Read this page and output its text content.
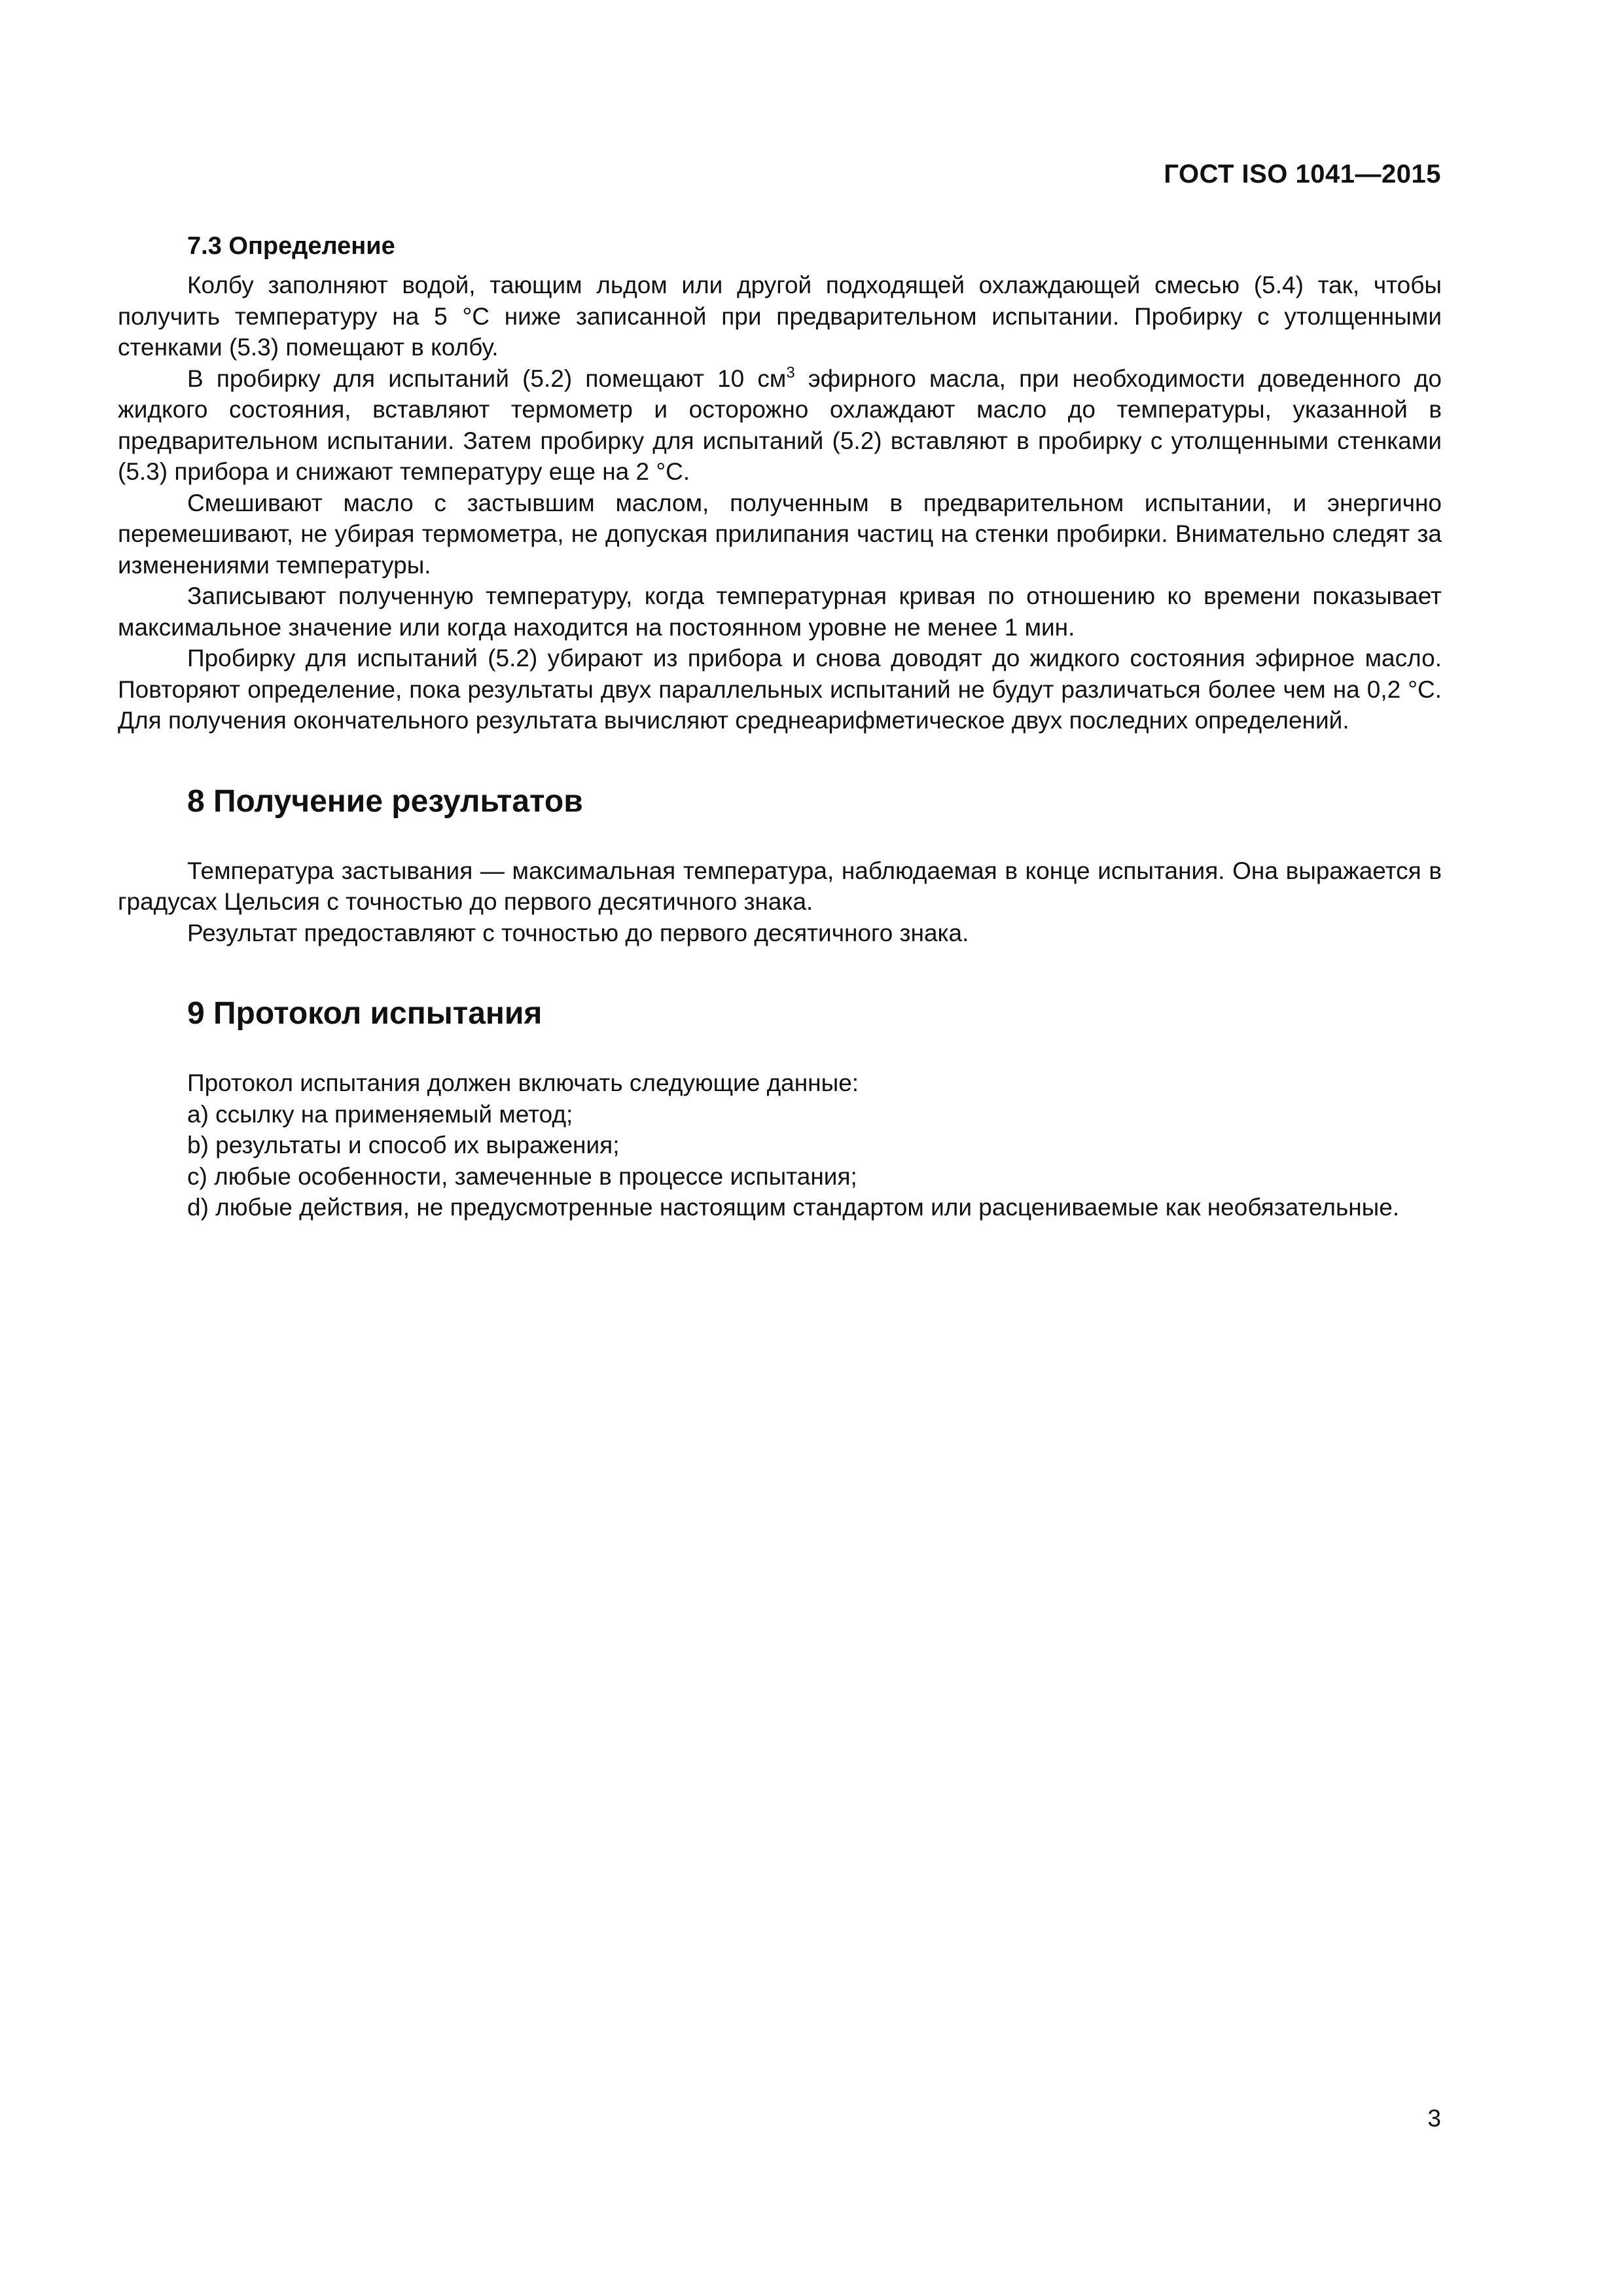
ГОСТ ISO 1041—2015
7.3 Определение

Колбу заполняют водой, тающим льдом или другой подходящей охлаждающей смесью (5.4) так, чтобы получить температуру на 5 °С ниже записанной при предварительном испытании. Пробирку с утолщенными стенками (5.3) помещают в колбу.

В пробирку для испытаний (5.2) помещают 10 $см^3$ эфирного масла, при необходимости доведенного до жидкого состояния, вставляют термометр и осторожно охлаждают масло до температуры, указанной в предварительном испытании. Затем пробирку для испытаний (5.2) вставляют в пробирку с утолщенными стенками (5.3) прибора и снижают температуру еще на 2 °С.

Смешивают масло с застывшим маслом, полученным в предварительном испытании, и энергично перемешивают, не убирая термометра, не допуская прилипания частиц на стенки пробирки. Внимательно следят за изменениями температуры.

Записывают полученную температуру, когда температурная кривая по отношению ко времени показывает максимальное значение или когда находится на постоянном уровне не менее 1 мин.

Пробирку для испытаний (5.2) убирают из прибора и снова доводят до жидкого состояния эфирное масло. Повторяют определение, пока результаты двух параллельных испытаний не будут различаться более чем на 0,2 °С. Для получения окончательного результата вычисляют среднеарифметическое двух последних определений.

8 Получение результатов

Температура застывания — максимальная температура, наблюдаемая в конце испытания. Она выражается в градусах Цельсия с точностью до первого десятичного знака.

Результат предоставляют с точностью до первого десятичного знака.

9 Протокол испытания

Протокол испытания должен включать следующие данные:

a) ссылку на применяемый метод;

b) результаты и способ их выражения;

c) любые особенности, замеченные в процессе испытания;

d) любые действия, не предусмотренные настоящим стандартом или расцениваемые как необязательные.

3
